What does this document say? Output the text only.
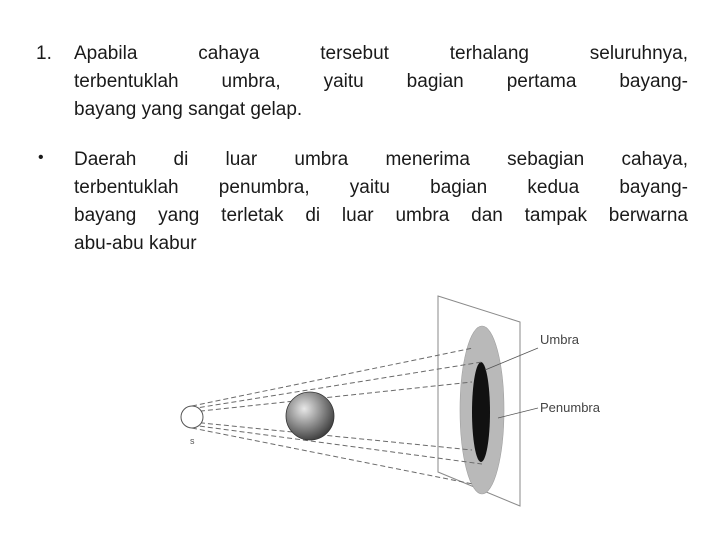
1. Apabila cahaya tersebut terhalang seluruhnya,
terbentuklah umbra, yaitu bagian pertama bayang-
bayang yang sangat gelap.

• Daerah di luar umbra menerima sebagian cahaya,
terbentuklah penumbra, yaitu bagian kedua bayang-
bayang yang terletak di luar umbra dan tampak berwarna
abu-abu kabur

s
Umbra
Penumbra
